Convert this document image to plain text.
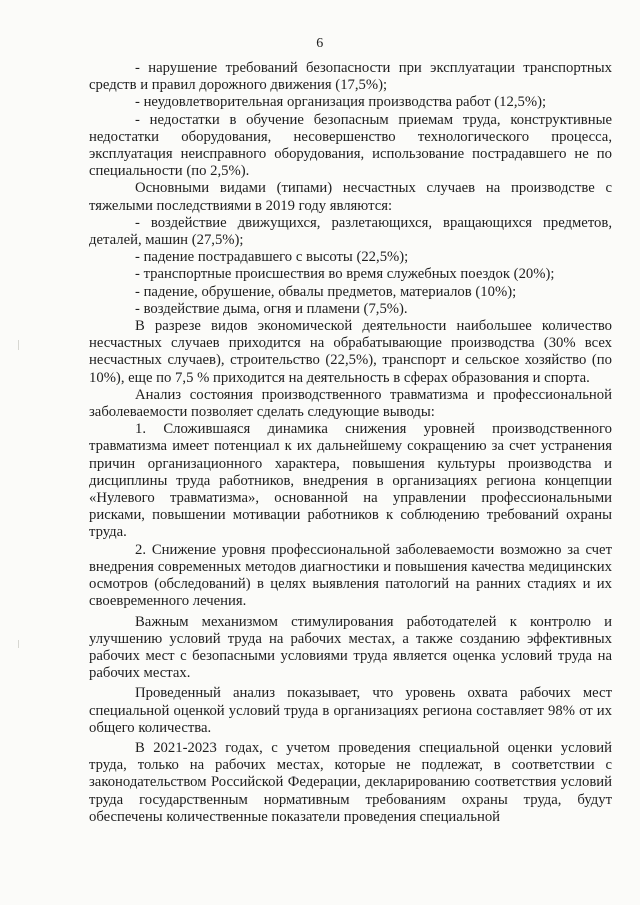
6

- нарушение требований безопасности при эксплуатации транспортных средств и правил дорожного движения (17,5%);

- неудовлетворительная организация производства работ (12,5%);

- недостатки в обучение безопасным приемам труда, конструктивные недостатки оборудования, несовершенство технологического процесса, эксплуатация неисправного оборудования, использование пострадавшего не по специальности (по 2,5%).

Основными видами (типами) несчастных случаев на производстве с тяжелыми последствиями в 2019 году являются:

- воздействие движущихся, разлетающихся, вращающихся предметов, деталей, машин (27,5%);

- падение пострадавшего с высоты (22,5%);

- транспортные происшествия во время служебных поездок (20%);

- падение, обрушение, обвалы предметов, материалов (10%);

- воздействие дыма, огня и пламени (7,5%).

В разрезе видов экономической деятельности наибольшее количество несчастных случаев приходится на обрабатывающие производства (30% всех несчастных случаев), строительство (22,5%), транспорт и сельское хозяйство (по 10%), еще по 7,5 % приходится на деятельность в сферах образования и спорта.

Анализ состояния производственного травматизма и профессиональной заболеваемости позволяет сделать следующие выводы:

1. Сложившаяся динамика снижения уровней производственного травматизма имеет потенциал к их дальнейшему сокращению за счет устранения причин организационного характера, повышения культуры производства и дисциплины труда работников, внедрения в организациях региона концепции «Нулевого травматизма», основанной на управлении профессиональными рисками, повышении мотивации работников к соблюдению требований охраны труда.

2. Снижение уровня профессиональной заболеваемости возможно за счет внедрения современных методов диагностики и повышения качества медицинских осмотров (обследований) в целях выявления патологий на ранних стадиях и их своевременного лечения.

Важным механизмом стимулирования работодателей к контролю и улучшению условий труда на рабочих местах, а также созданию эффективных рабочих мест с безопасными условиями труда является оценка условий труда на рабочих местах.

Проведенный анализ показывает, что уровень охвата рабочих мест специальной оценкой условий труда в организациях региона составляет 98% от их общего количества.

В 2021-2023 годах, с учетом проведения специальной оценки условий труда, только на рабочих местах, которые не подлежат, в соответствии с законодательством Российской Федерации, декларированию соответствия условий труда государственным нормативным требованиям охраны труда, будут обеспечены количественные показатели проведения специальной
